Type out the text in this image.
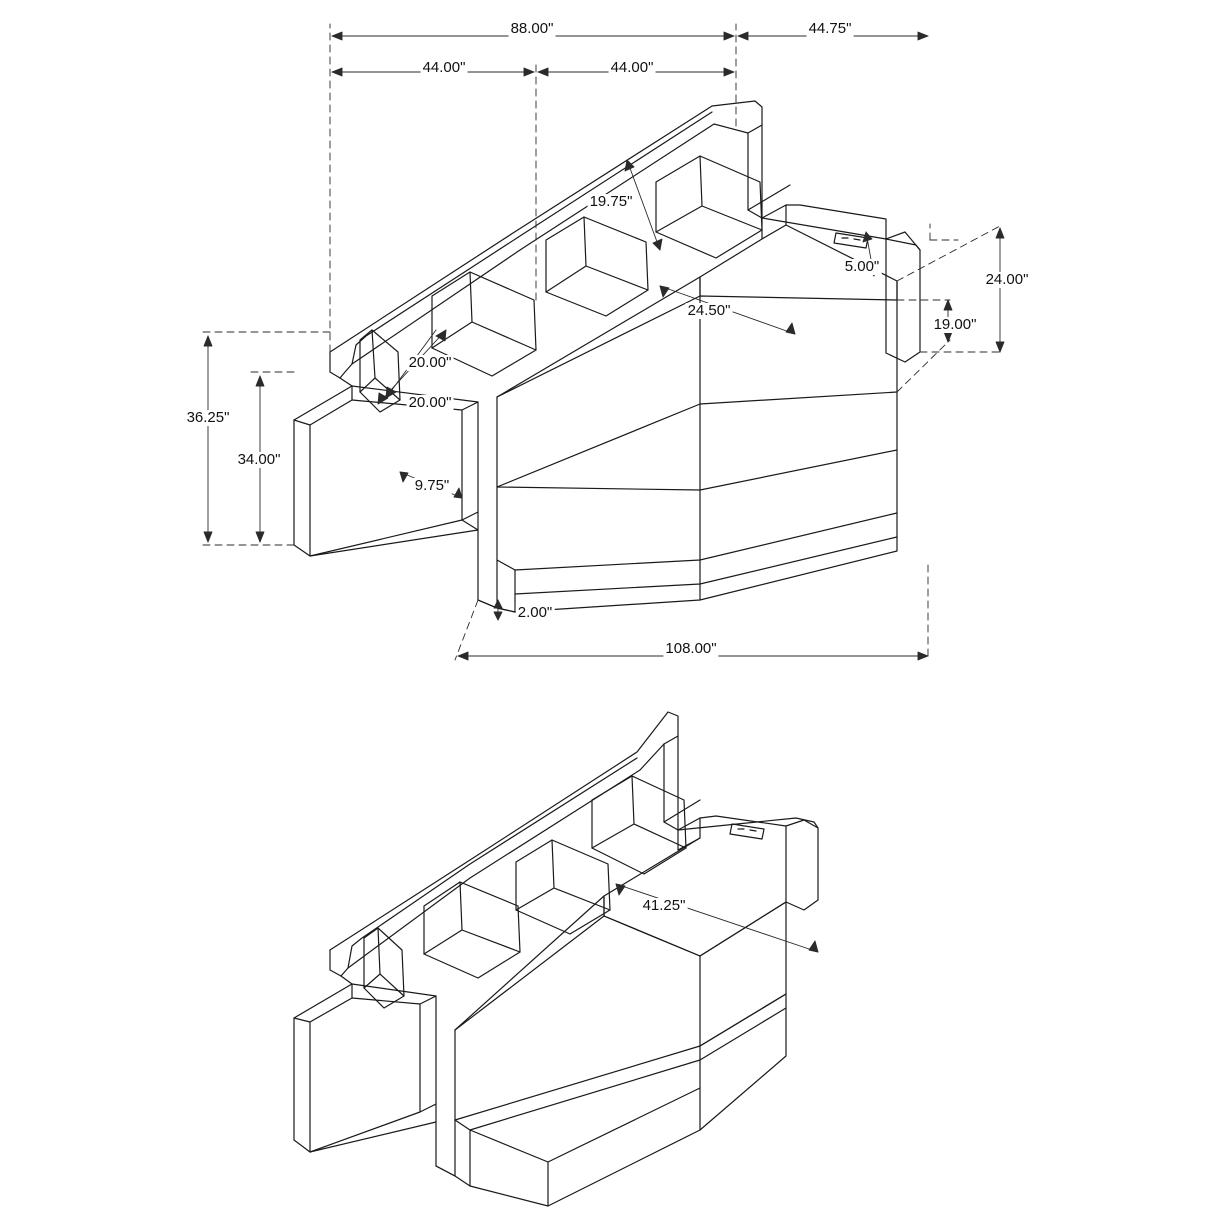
44.00"	44.00"
88.00"	44.75"
19.75"
5.00"
24.50"
24.00"
19.00"
20.00"
20.00"
36.25"
34.00"
9.75"
2.00"
108.00"
41.25"
